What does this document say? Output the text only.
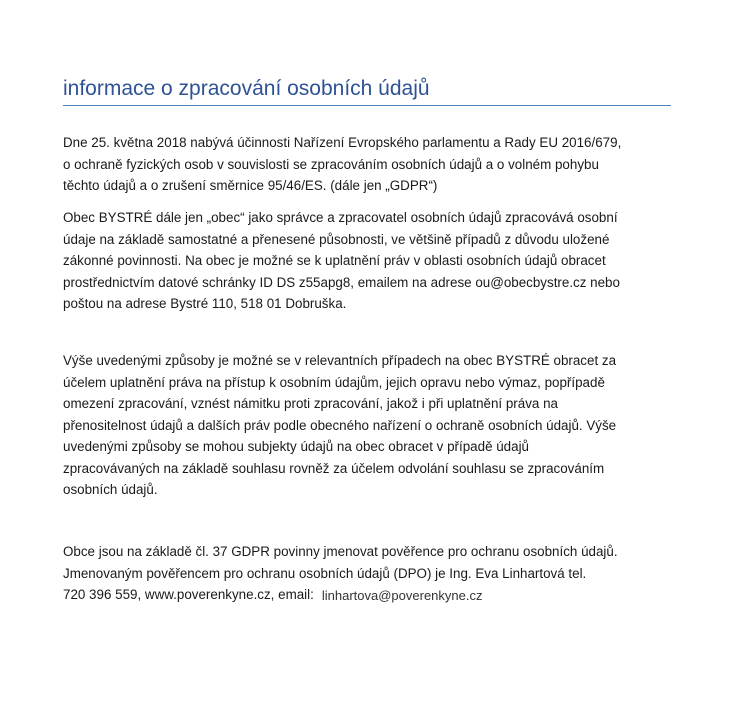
informace o zpracování osobních údajů
Dne 25. května 2018 nabývá účinnosti Nařízení Evropského parlamentu a Rady EU 2016/679,
o ochraně fyzických osob v souvislosti se zpracováním osobních údajů a o volném pohybu
těchto údajů a o zrušení směrnice 95/46/ES. (dále jen „GDPR“)
Obec BYSTRÉ dále jen „obec“ jako správce a zpracovatel osobních údajů zpracovává osobní
údaje na základě samostatné a přenesené působnosti, ve většině případů z důvodu uložené
zákonné povinnosti. Na obec je možné se k uplatnění práv v oblasti osobních údajů obracet
prostřednictvím datové schránky ID DS z55apg8, emailem na adrese ou@obecbystre.cz nebo
poštou na adrese Bystré 110, 518 01 Dobruška.
Výše uvedenými způsoby je možné se v relevantních případech na obec BYSTRÉ obracet za
účelem uplatnění práva na přístup k osobním údajům, jejich opravu nebo výmaz, popřípadě
omezení zpracování, vznést námitku proti zpracování, jakož i při uplatnění práva na
přenositelnost údajů a dalších práv podle obecného nařízení o ochraně osobních údajů. Výše
uvedenými způsoby se mohou subjekty údajů na obec obracet v případě údajů
zpracovávaných na základě souhlasu rovněž za účelem odvolání souhlasu se zpracováním
osobních údajů.
Obce jsou na základě čl. 37 GDPR povinny jmenovat pověřence pro ochranu osobních údajů.
Jmenovaným pověřencem pro ochranu osobních údajů (DPO) je Ing. Eva Linhartová tel.
720 396 559, www.poverenkyne.cz, email: linhartova@poverenkyne.cz
